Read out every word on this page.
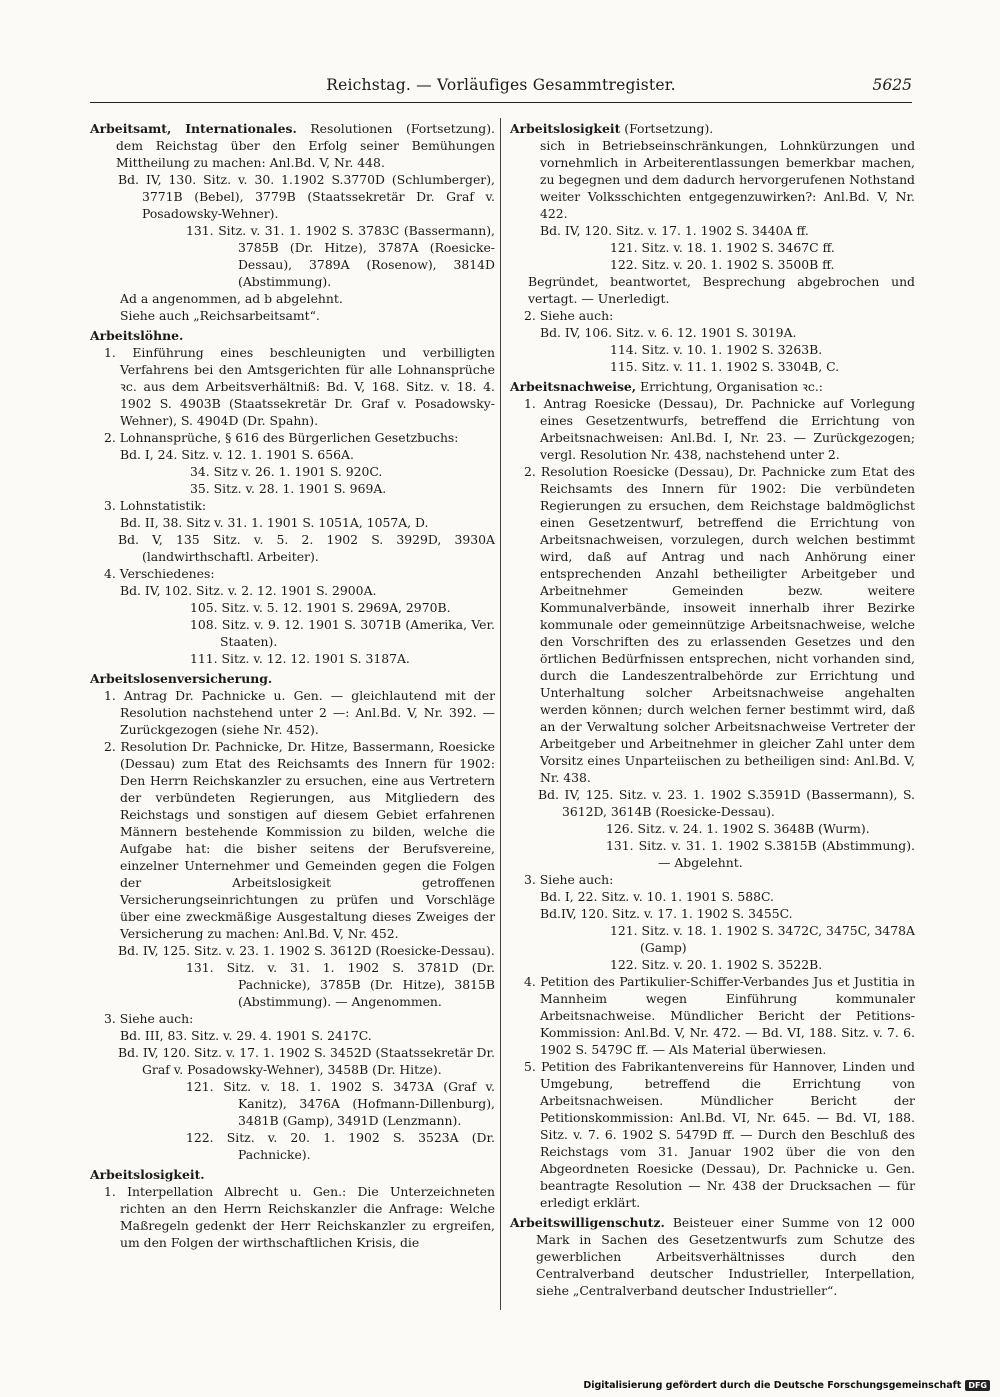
Reichstag. — Vorläufiges Gesammtregister.	5625

Arbeitsamt, Internationales. Resolutionen (Fortsetzung). dem Reichstag über den Erfolg seiner Bemühungen Mittheilung zu machen: Anl.Bd. V, Nr. 448.

Bd. IV, 130. Sitz. v. 30. 1.1902 S.3770D (Schlumberger), 3771B (Bebel), 3779B (Staatssekretär Dr. Graf v. Posadowsky-Wehner).

131. Sitz. v. 31. 1. 1902 S. 3783C (Bassermann), 3785B (Dr. Hitze), 3787A (Roesicke-Dessau), 3789A (Rosenow), 3814D (Abstimmung).

Ad a angenommen, ad b abgelehnt.

Siehe auch „Reichsarbeitsamt“.

Arbeitslöhne.

1. Einführung eines beschleunigten und verbilligten Verfahrens bei den Amtsgerichten für alle Lohnansprüche ꝛc. aus dem Arbeitsverhältniß: Bd. V, 168. Sitz. v. 18. 4. 1902 S. 4903B (Staatssekretär Dr. Graf v. Posadowsky-Wehner), S. 4904D (Dr. Spahn).

2. Lohnansprüche, § 616 des Bürgerlichen Gesetzbuchs:

Bd. I, 24. Sitz. v. 12. 1. 1901 S. 656A.

34. Sitz v. 26. 1. 1901 S. 920C.

35. Sitz. v. 28. 1. 1901 S. 969A.

3. Lohnstatistik:

Bd. II, 38. Sitz v. 31. 1. 1901 S. 1051A, 1057A, D.

Bd. V, 135 Sitz. v. 5. 2. 1902 S. 3929D, 3930A (landwirthschaftl. Arbeiter).

4. Verschiedenes:

Bd. IV, 102. Sitz. v. 2. 12. 1901 S. 2900A.

105. Sitz. v. 5. 12. 1901 S. 2969A, 2970B.

108. Sitz. v. 9. 12. 1901 S. 3071B (Amerika, Ver. Staaten).

111. Sitz. v. 12. 12. 1901 S. 3187A.

Arbeitslosenversicherung.

1. Antrag Dr. Pachnicke u. Gen. — gleichlautend mit der Resolution nachstehend unter 2 —: Anl.Bd. V, Nr. 392. — Zurückgezogen (siehe Nr. 452).

2. Resolution Dr. Pachnicke, Dr. Hitze, Bassermann, Roesicke (Dessau) zum Etat des Reichsamts des Innern für 1902: Den Herrn Reichskanzler zu ersuchen, eine aus Vertretern der verbündeten Regierungen, aus Mitgliedern des Reichstags und sonstigen auf diesem Gebiet erfahrenen Männern bestehende Kommission zu bilden, welche die Aufgabe hat: die bisher seitens der Berufsvereine, einzelner Unternehmer und Gemeinden gegen die Folgen der Arbeitslosigkeit getroffenen Versicherungseinrichtungen zu prüfen und Vorschläge über eine zweckmäßige Ausgestaltung dieses Zweiges der Versicherung zu machen: Anl.Bd. V, Nr. 452.

Bd. IV, 125. Sitz. v. 23. 1. 1902 S. 3612D (Roesicke-Dessau).

131. Sitz. v. 31. 1. 1902 S. 3781D (Dr. Pachnicke), 3785B (Dr. Hitze), 3815B (Abstimmung). — Angenommen.

3. Siehe auch:

Bd. III, 83. Sitz. v. 29. 4. 1901 S. 2417C.

Bd. IV, 120. Sitz. v. 17. 1. 1902 S. 3452D (Staatssekretär Dr. Graf v. Posadowsky-Wehner), 3458B (Dr. Hitze).

121. Sitz. v. 18. 1. 1902 S. 3473A (Graf v. Kanitz), 3476A (Hofmann-Dillenburg), 3481B (Gamp), 3491D (Lenzmann).

122. Sitz. v. 20. 1. 1902 S. 3523A (Dr. Pachnicke).

Arbeitslosigkeit.

1. Interpellation Albrecht u. Gen.: Die Unterzeichneten richten an den Herrn Reichskanzler die Anfrage: Welche Maßregeln gedenkt der Herr Reichskanzler zu ergreifen, um den Folgen der wirthschaftlichen Krisis, die

Arbeitslosigkeit (Fortsetzung).

sich in Betriebseinschränkungen, Lohnkürzungen und vornehmlich in Arbeiterentlassungen bemerkbar machen, zu begegnen und dem dadurch hervorgerufenen Nothstand weiter Volksschichten entgegenzuwirken?: Anl.Bd. V, Nr. 422.

Bd. IV, 120. Sitz. v. 17. 1. 1902 S. 3440A ff.

121. Sitz. v. 18. 1. 1902 S. 3467C ff.

122. Sitz. v. 20. 1. 1902 S. 3500B ff.

Begründet, beantwortet, Besprechung abgebrochen und vertagt. — Unerledigt.

2. Siehe auch:

Bd. IV, 106. Sitz. v. 6. 12. 1901 S. 3019A.

114. Sitz. v. 10. 1. 1902 S. 3263B.

115. Sitz. v. 11. 1. 1902 S. 3304B, C.

Arbeitsnachweise, Errichtung, Organisation ꝛc.:

1. Antrag Roesicke (Dessau), Dr. Pachnicke auf Vorlegung eines Gesetzentwurfs, betreffend die Errichtung von Arbeitsnachweisen: Anl.Bd. I, Nr. 23. — Zurückgezogen; vergl. Resolution Nr. 438, nachstehend unter 2.

2. Resolution Roesicke (Dessau), Dr. Pachnicke zum Etat des Reichsamts des Innern für 1902: Die verbündeten Regierungen zu ersuchen, dem Reichstage baldmöglichst einen Gesetzentwurf, betreffend die Errichtung von Arbeitsnachweisen, vorzulegen, durch welchen bestimmt wird, daß auf Antrag und nach Anhörung einer entsprechenden Anzahl betheiligter Arbeitgeber und Arbeitnehmer Gemeinden bezw. weitere Kommunalverbände, insoweit innerhalb ihrer Bezirke kommunale oder gemeinnützige Arbeitsnachweise, welche den Vorschriften des zu erlassenden Gesetzes und den örtlichen Bedürfnissen entsprechen, nicht vorhanden sind, durch die Landeszentralbehörde zur Errichtung und Unterhaltung solcher Arbeitsnachweise angehalten werden können; durch welchen ferner bestimmt wird, daß an der Verwaltung solcher Arbeitsnachweise Vertreter der Arbeitgeber und Arbeitnehmer in gleicher Zahl unter dem Vorsitz eines Unparteiischen zu betheiligen sind: Anl.Bd. V, Nr. 438.

Bd. IV, 125. Sitz. v. 23. 1. 1902 S.3591D (Bassermann), S. 3612D, 3614B (Roesicke-Dessau).

126. Sitz. v. 24. 1. 1902 S. 3648B (Wurm).

131. Sitz. v. 31. 1. 1902 S.3815B (Abstimmung). — Abgelehnt.

3. Siehe auch:

Bd. I, 22. Sitz. v. 10. 1. 1901 S. 588C.

Bd.IV, 120. Sitz. v. 17. 1. 1902 S. 3455C.

121. Sitz. v. 18. 1. 1902 S. 3472C, 3475C, 3478A (Gamp)

122. Sitz. v. 20. 1. 1902 S. 3522B.

4. Petition des Partikulier-Schiffer-Verbandes Jus et Justitia in Mannheim wegen Einführung kommunaler Arbeitsnachweise. Mündlicher Bericht der Petitions-Kommission: Anl.Bd. V, Nr. 472. — Bd. VI, 188. Sitz. v. 7. 6. 1902 S. 5479C ff. — Als Material überwiesen.

5. Petition des Fabrikantenvereins für Hannover, Linden und Umgebung, betreffend die Errichtung von Arbeitsnachweisen. Mündlicher Bericht der Petitionskommission: Anl.Bd. VI, Nr. 645. — Bd. VI, 188. Sitz. v. 7. 6. 1902 S. 5479D ff. — Durch den Beschluß des Reichstags vom 31. Januar 1902 über die von den Abgeordneten Roesicke (Dessau), Dr. Pachnicke u. Gen. beantragte Resolution — Nr. 438 der Drucksachen — für erledigt erklärt.

Arbeitswilligenschutz. Beisteuer einer Summe von 12 000 Mark in Sachen des Gesetzentwurfs zum Schutze des gewerblichen Arbeitsverhältnisses durch den Centralverband deutscher Industrieller, Interpellation, siehe „Centralverband deutscher Industrieller“.

Digitalisierung gefördert durch die Deutsche Forschungsgemeinschaft DFG
